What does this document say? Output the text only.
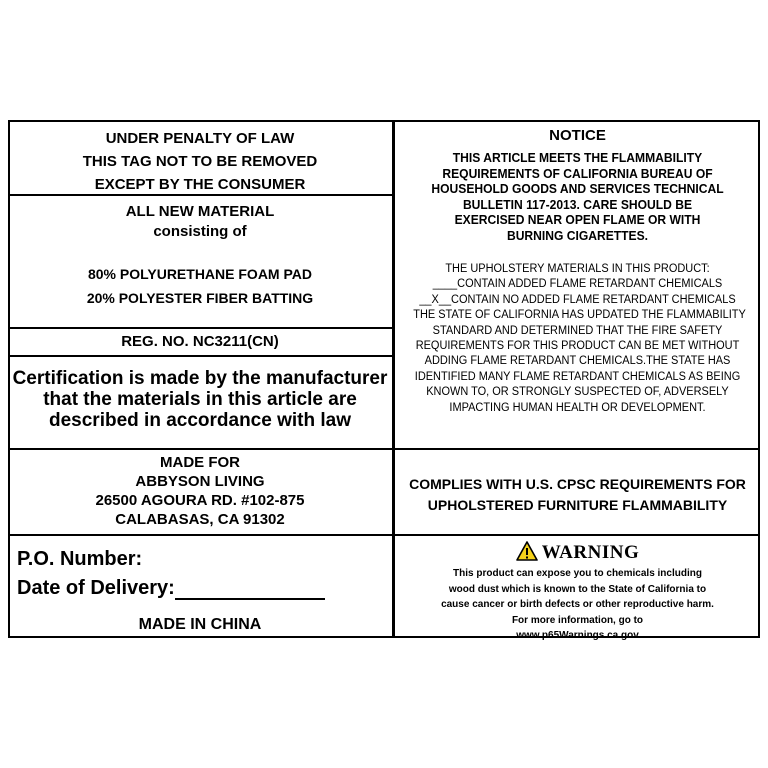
UNDER PENALTY OF LAW
THIS TAG NOT TO BE REMOVED
EXCEPT BY THE CONSUMER
ALL NEW MATERIAL
consisting of
80% POLYURETHANE FOAM PAD
20% POLYESTER FIBER BATTING
REG. NO. NC3211(CN)
Certification is made by the manufacturer
that the materials in this article are
described in accordance with law
MADE FOR
ABBYSON LIVING
26500 AGOURA RD. #102-875
CALABASAS, CA 91302
P.O. Number:
Date of Delivery:
MADE IN CHINA
NOTICE
THIS ARTICLE MEETS THE FLAMMABILITY
REQUIREMENTS OF CALIFORNIA BUREAU OF
HOUSEHOLD GOODS AND SERVICES TECHNICAL
BULLETIN 117-2013. CARE SHOULD BE
EXERCISED NEAR OPEN FLAME OR WITH
BURNING CIGARETTES.
THE UPHOLSTERY MATERIALS IN THIS PRODUCT:
____CONTAIN ADDED FLAME RETARDANT CHEMICALS
__X__CONTAIN NO ADDED FLAME RETARDANT CHEMICALS
THE STATE OF CALIFORNIA HAS UPDATED THE FLAMMABILITY
STANDARD AND DETERMINED THAT THE FIRE SAFETY
REQUIREMENTS FOR THIS PRODUCT CAN BE MET WITHOUT
ADDING FLAME RETARDANT CHEMICALS.THE STATE HAS
IDENTIFIED MANY FLAME RETARDANT CHEMICALS AS BEING
KNOWN TO, OR STRONGLY SUSPECTED OF, ADVERSELY
IMPACTING HUMAN HEALTH OR DEVELOPMENT.
COMPLIES WITH U.S. CPSC REQUIREMENTS FOR
UPHOLSTERED FURNITURE FLAMMABILITY
WARNING
This product can expose you to chemicals including
wood dust which is known to the State of California to
cause cancer or birth defects or other reproductive harm.
For more information, go to
www.p65Warnings.ca.gov
